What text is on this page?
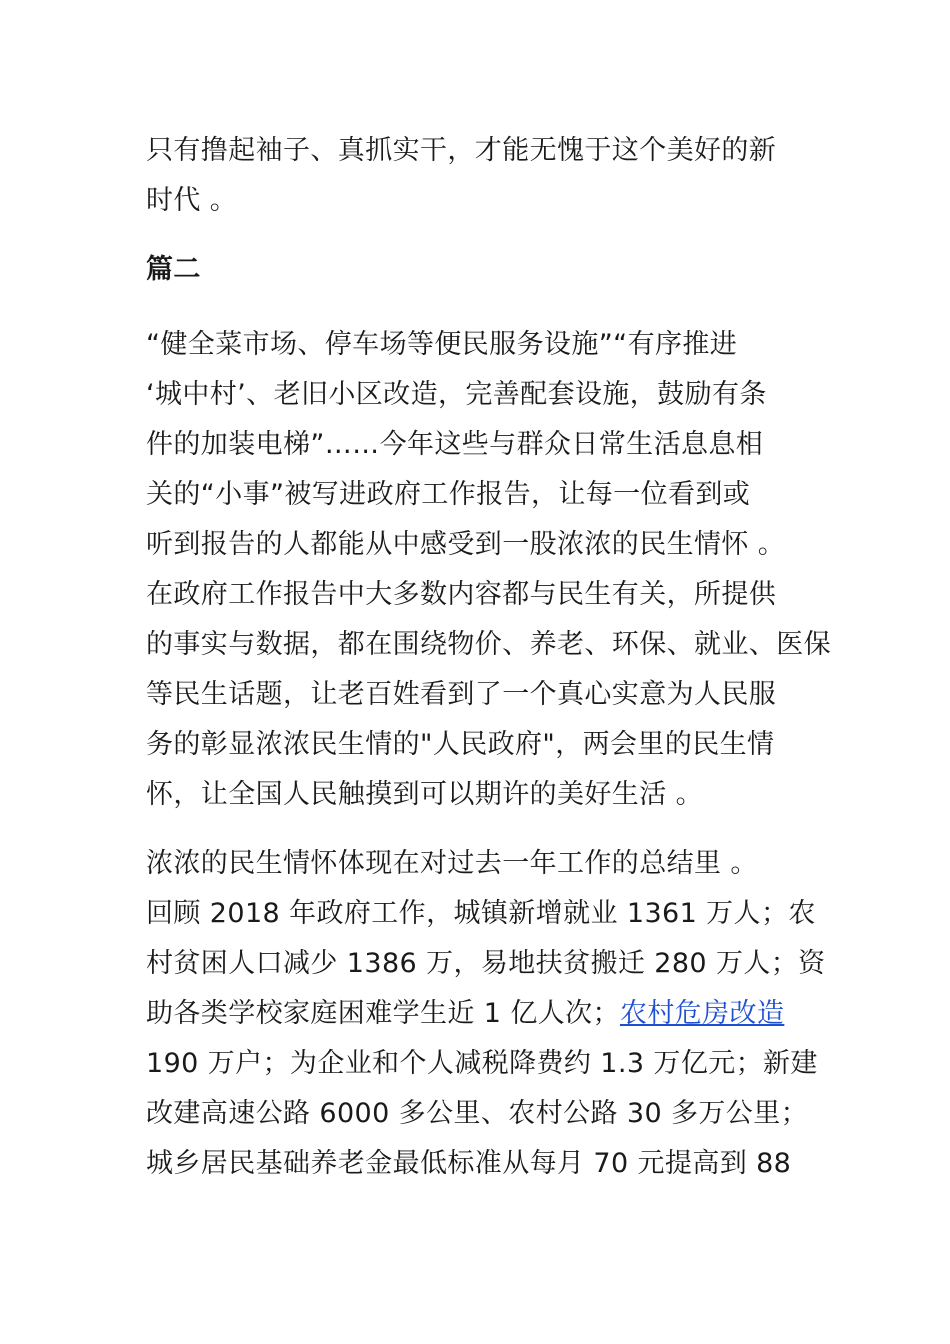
只有撸起袖子、真抓实干，才能无愧于这个美好的新
时代 。
篇二
“健全菜市场、停车场等便民服务设施”“有序推进
‘城中村’、老旧小区改造，完善配套设施，鼓励有条
件的加装电梯”……今年这些与群众日常生活息息相
关的“小事”被写进政府工作报告，让每一位看到或
听到报告的人都能从中感受到一股浓浓的民生情怀 。
在政府工作报告中大多数内容都与民生有关，所提供
的事实与数据，都在围绕物价、养老、环保、就业、医保
等民生话题，让老百姓看到了一个真心实意为人民服
务的彰显浓浓民生情的"人民政府"，两会里的民生情
怀，让全国人民触摸到可以期许的美好生活 。
浓浓的民生情怀体现在对过去一年工作的总结里 。
回顾 2018 年政府工作，城镇新增就业 1361 万人；农
村贫困人口减少 1386 万，易地扶贫搬迁 280 万人；资
助各类学校家庭困难学生近 1 亿人次；农村危房改造
190 万户；为企业和个人减税降费约 1.3 万亿元；新建
改建高速公路 6000 多公里、农村公路 30 多万公里；
城乡居民基础养老金最低标准从每月 70 元提高到 88
